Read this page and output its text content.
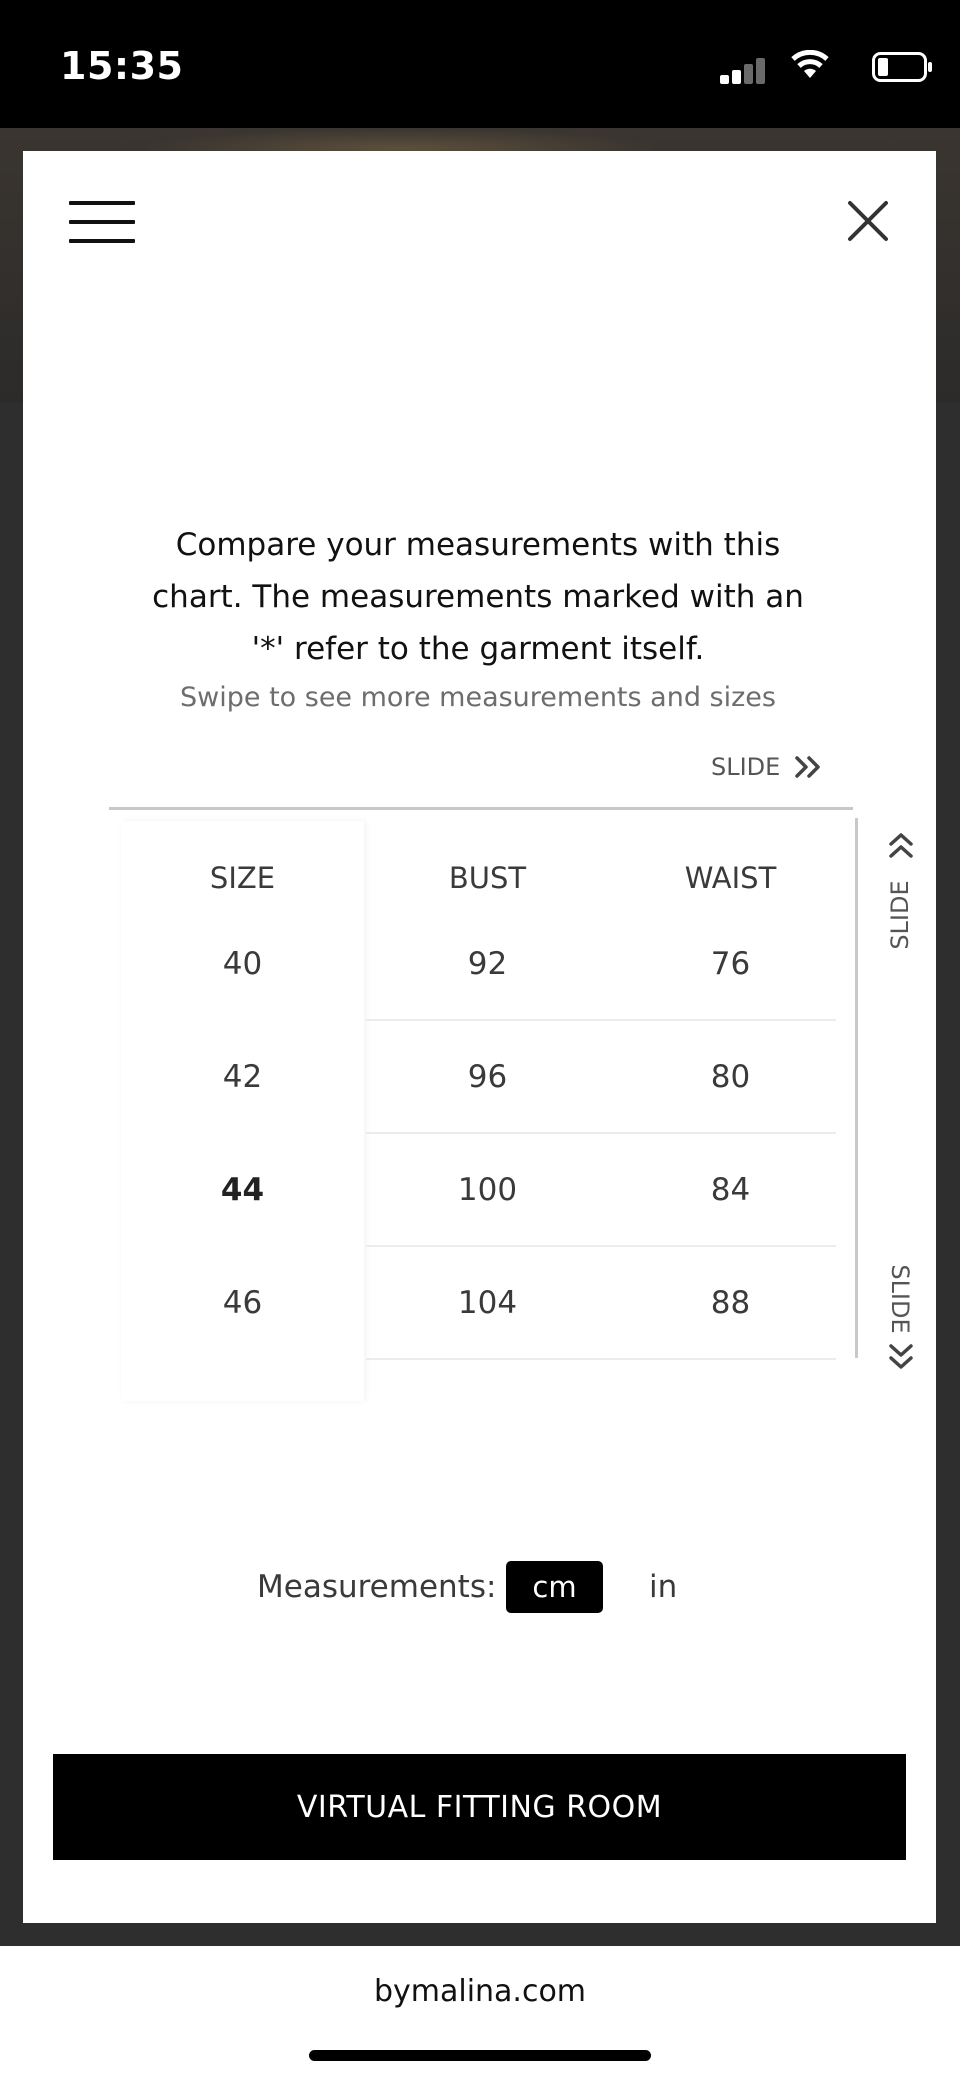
15:35
Compare your measurements with this chart. The measurements marked with an '*' refer to the garment itself.
Swipe to see more measurements and sizes
SLIDE
SIZE	BUST	WAIST
40	92	76
42	96	80
44	100	84
46	104	88
SLIDE
SLIDE
Measurements:	cm	in
VIRTUAL FITTING ROOM
bymalina.com
